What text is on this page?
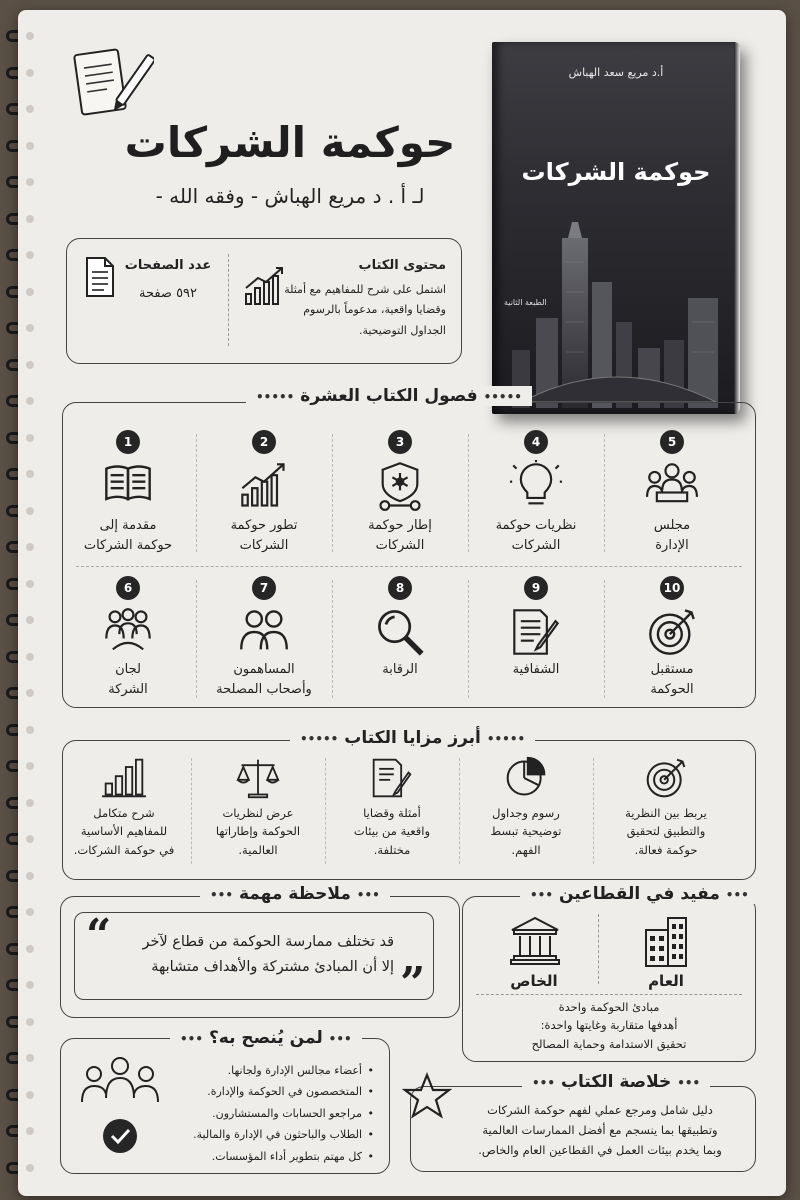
حوكمة الشركات
لـ أ . د مريع الهباش - وفقه الله -
أ.د مريع سعد الهباش
حوكمة الشركات
الطبعة الثانية
محتوى الكتاب
اشتمل على شرح للمفاهيم مع أمثلة
وقضايا واقعية، مدعوماً بالرسوم
الجداول التوضيحية.
عدد الصفحات
٥٩٢ صفحة
••••• فصول الكتاب العشرة •••••
1
مقدمة إلى
حوكمة الشركات
2
تطور حوكمة
الشركات
3
إطار حوكمة
الشركات
4
نظريات حوكمة
الشركات
5
مجلس
الإدارة
6
لجان
الشركة
7
المساهمون
وأصحاب المصلحة
8
الرقابة
9
الشفافية
10
مستقبل
الحوكمة
••••• أبرز مزايا الكتاب •••••
شرح متكامل
للمفاهيم الأساسية
في حوكمة الشركات.
عرض لنظريات
الحوكمة وإطاراتها
العالمية.
أمثلة وقضايا
واقعية من بيئات
مختلفة.
رسوم وجداول
توضيحية تبسط
الفهم.
يربط بين النظرية
والتطبيق لتحقيق
حوكمة فعالة.
••• ملاحظة مهمة •••
“
”
قد تختلف ممارسة الحوكمة من قطاع لآخر
إلا أن المبادئ مشتركة والأهداف متشابهة
••• مفيد في القطاعين •••
العام
الخاص
مبادئ الحوكمة واحدة
أهدفها متقاربة وغايتها واحدة:
تحقيق الاستدامة وحماية المصالح
••• لمن يُنصح به؟ •••
• أعضاء مجالس الإدارة ولجانها.
• المتخصصون في الحوكمة والإدارة.
• مراجعو الحسابات والمستشارون.
• الطلاب والباحثون في الإدارة والمالية.
• كل مهتم بتطوير أداء المؤسسات.
••• خلاصة الكتاب •••
دليل شامل ومرجع عملي لفهم حوكمة الشركات
وتطبيقها بما ينسجم مع أفضل الممارسات العالمية
وبما يخدم بيئات العمل في القطاعين العام والخاص.
